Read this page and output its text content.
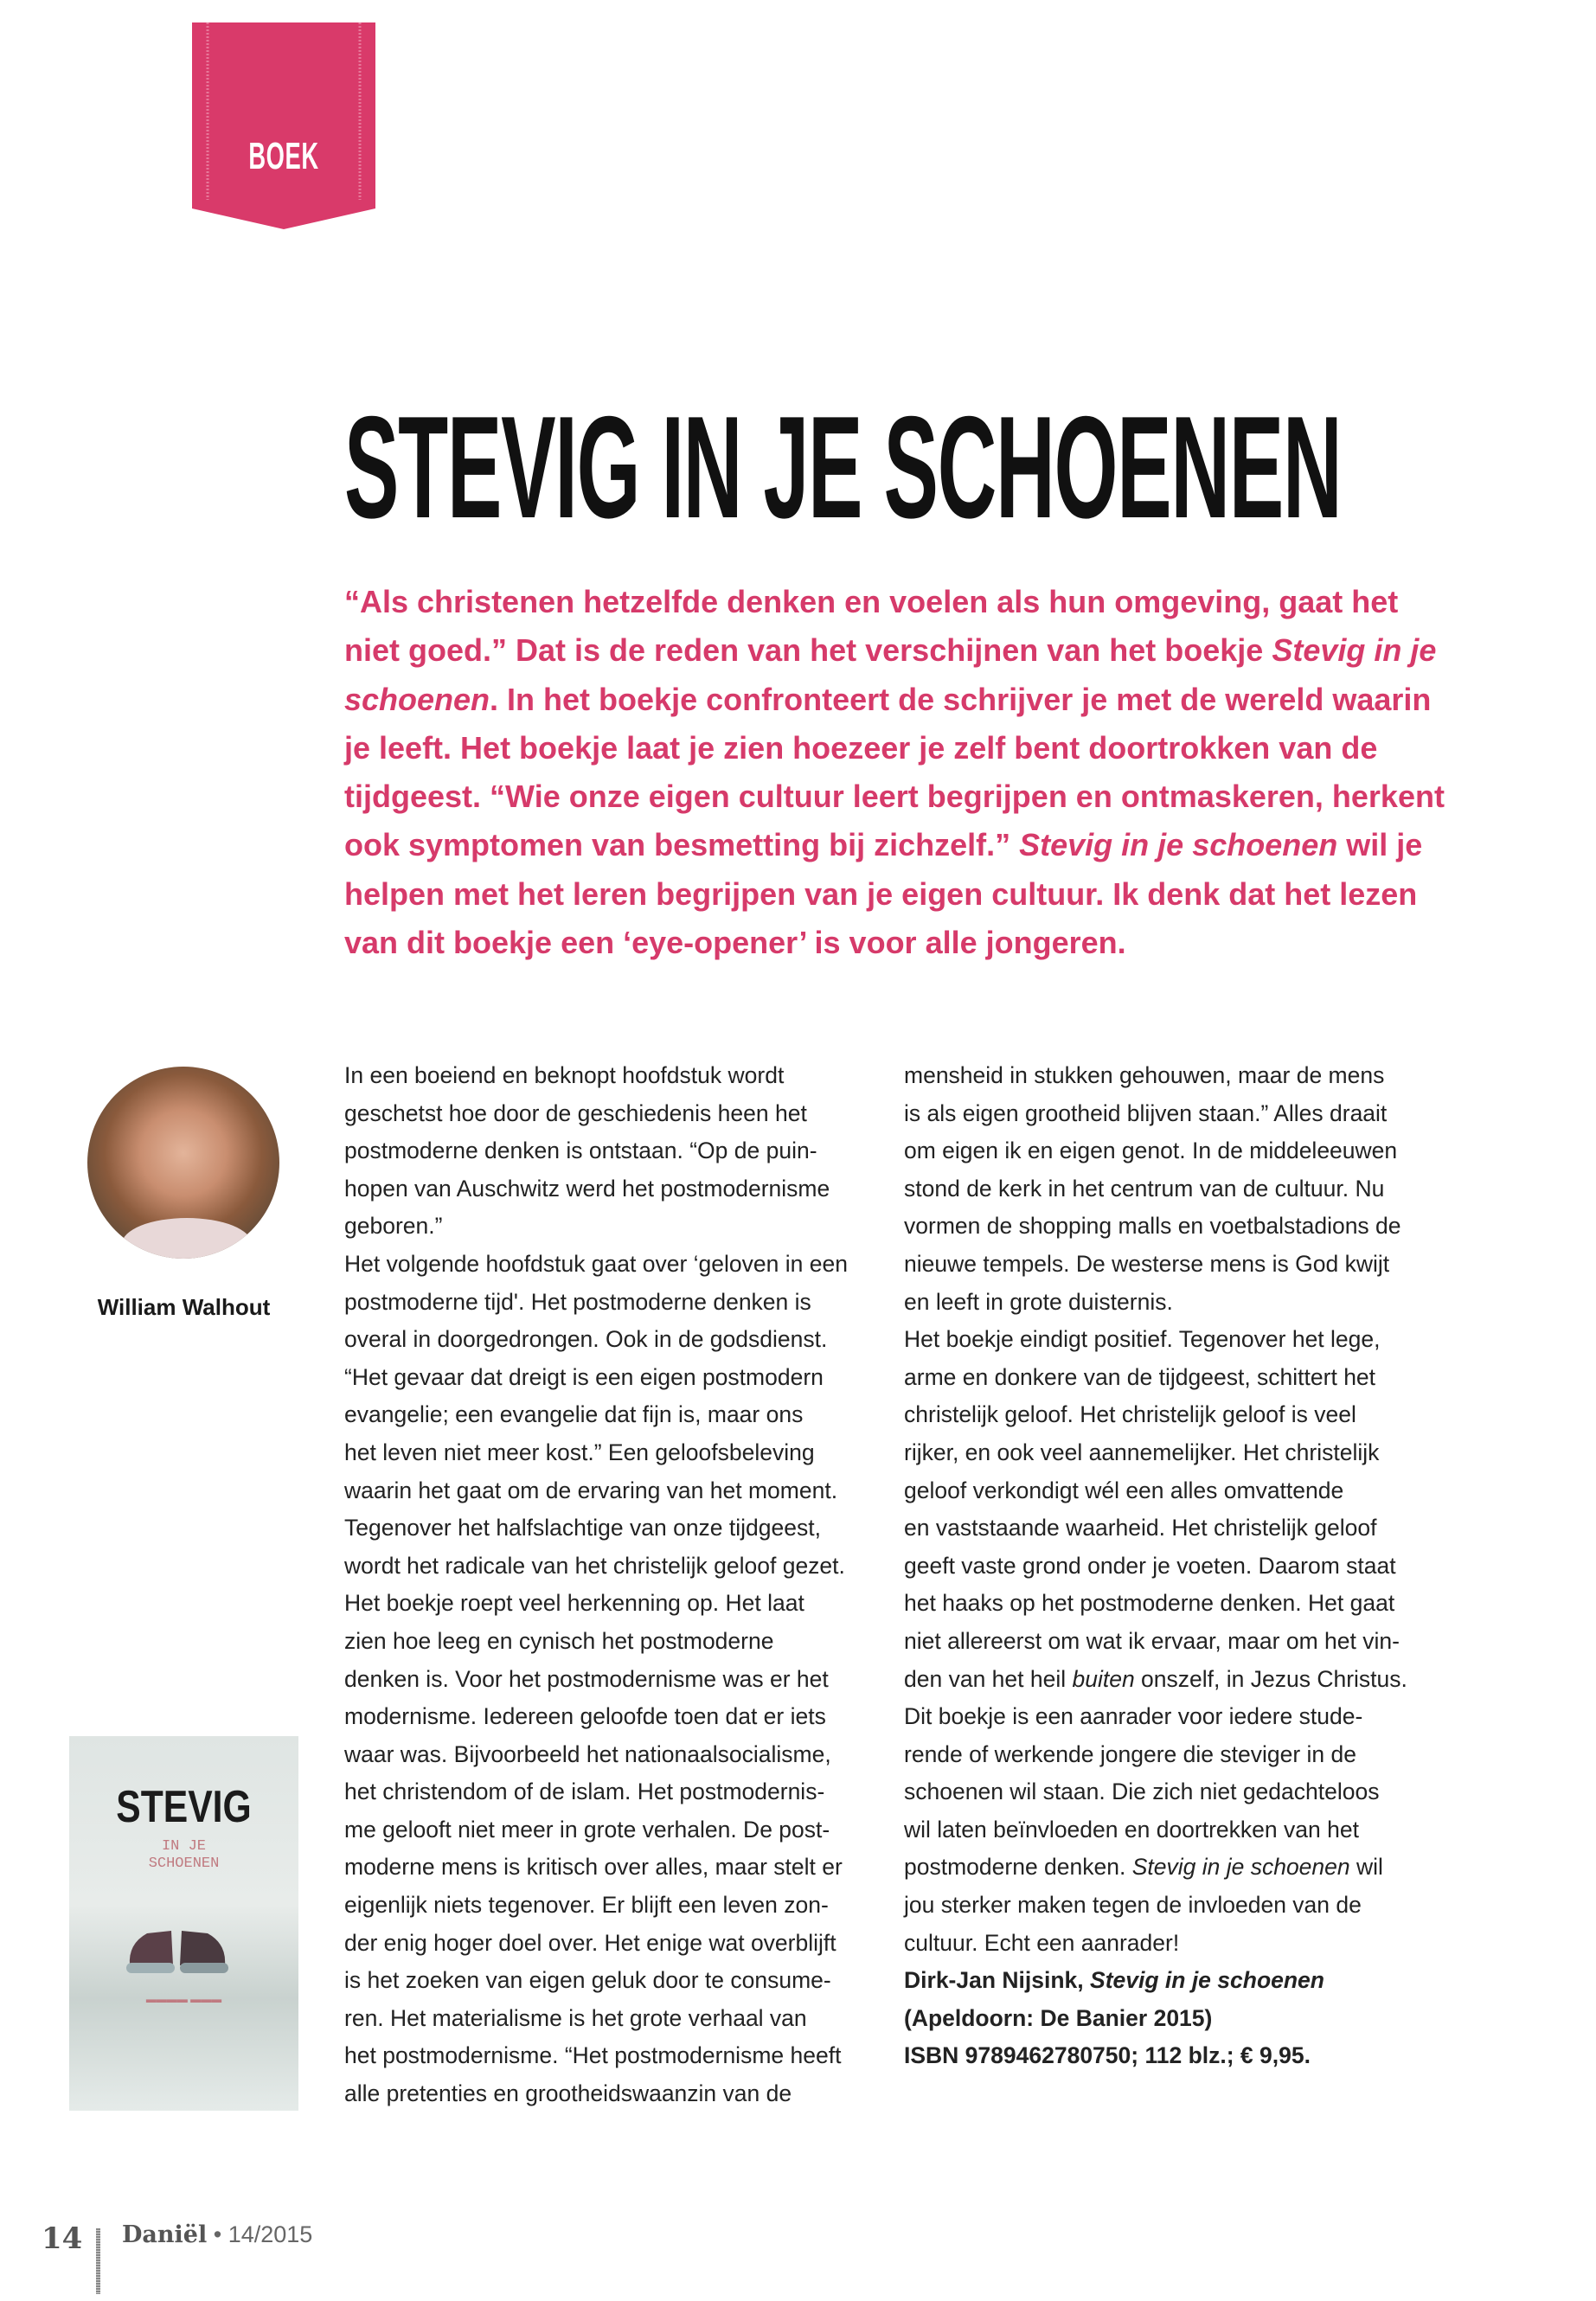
BOEK
STEVIG IN JE SCHOENEN
“Als christenen hetzelfde denken en voelen als hun omgeving, gaat het
niet goed.” Dat is de reden van het verschijnen van het boekje Stevig in je
schoenen. In het boekje confronteert de schrijver je met de wereld waarin
je leeft. Het boekje laat je zien hoezeer je zelf bent doortrokken van de
tijdgeest. “Wie onze eigen cultuur leert begrijpen en ontmaskeren, herkent
ook symptomen van besmetting bij zichzelf.” Stevig in je schoenen wil je
helpen met het leren begrijpen van je eigen cultuur. Ik denk dat het lezen
van dit boekje een ‘eye-opener’ is voor alle jongeren.
William Walhout
STEVIG
IN JE
SCHOENEN
▬▬▬▬ ▬▬▬
In een boeiend en beknopt hoofdstuk wordt
geschetst hoe door de geschiedenis heen het
postmoderne denken is ontstaan. “Op de puin-
hopen van Auschwitz werd het postmodernisme
geboren.”
Het volgende hoofdstuk gaat over ‘geloven in een
postmoderne tijd'. Het postmoderne denken is
overal in doorgedrongen. Ook in de godsdienst.
“Het gevaar dat dreigt is een eigen postmodern
evangelie; een evangelie dat fijn is, maar ons
het leven niet meer kost.” Een geloofsbeleving
waarin het gaat om de ervaring van het moment.
Tegenover het halfslachtige van onze tijdgeest,
wordt het radicale van het christelijk geloof gezet.
Het boekje roept veel herkenning op. Het laat
zien hoe leeg en cynisch het postmoderne
denken is. Voor het postmodernisme was er het
modernisme. Iedereen geloofde toen dat er iets
waar was. Bijvoorbeeld het nationaalsocialisme,
het christendom of de islam. Het postmodernis-
me gelooft niet meer in grote verhalen. De post-
moderne mens is kritisch over alles, maar stelt er
eigenlijk niets tegenover. Er blijft een leven zon-
der enig hoger doel over. Het enige wat overblijft
is het zoeken van eigen geluk door te consume-
ren. Het materialisme is het grote verhaal van
het postmodernisme. “Het postmodernisme heeft
alle pretenties en grootheidswaanzin van de
mensheid in stukken gehouwen, maar de mens
is als eigen grootheid blijven staan.” Alles draait
om eigen ik en eigen genot. In de middeleeuwen
stond de kerk in het centrum van de cultuur. Nu
vormen de shopping malls en voetbalstadions de
nieuwe tempels. De westerse mens is God kwijt
en leeft in grote duisternis.
Het boekje eindigt positief. Tegenover het lege,
arme en donkere van de tijdgeest, schittert het
christelijk geloof. Het christelijk geloof is veel
rijker, en ook veel aannemelijker. Het christelijk
geloof verkondigt wél een alles omvattende
en vaststaande waarheid. Het christelijk geloof
geeft vaste grond onder je voeten. Daarom staat
het haaks op het postmoderne denken. Het gaat
niet allereerst om wat ik ervaar, maar om het vin-
den van het heil buiten onszelf, in Jezus Christus.
Dit boekje is een aanrader voor iedere stude-
rende of werkende jongere die steviger in de
schoenen wil staan. Die zich niet gedachteloos
wil laten beïnvloeden en doortrekken van het
postmoderne denken. Stevig in je schoenen wil
jou sterker maken tegen de invloeden van de
cultuur. Echt een aanrader!
Dirk-Jan Nijsink, Stevig in je schoenen
(Apeldoorn: De Banier 2015)
ISBN 9789462780750; 112 blz.; € 9,95.
14 Daniël • 14/2015
